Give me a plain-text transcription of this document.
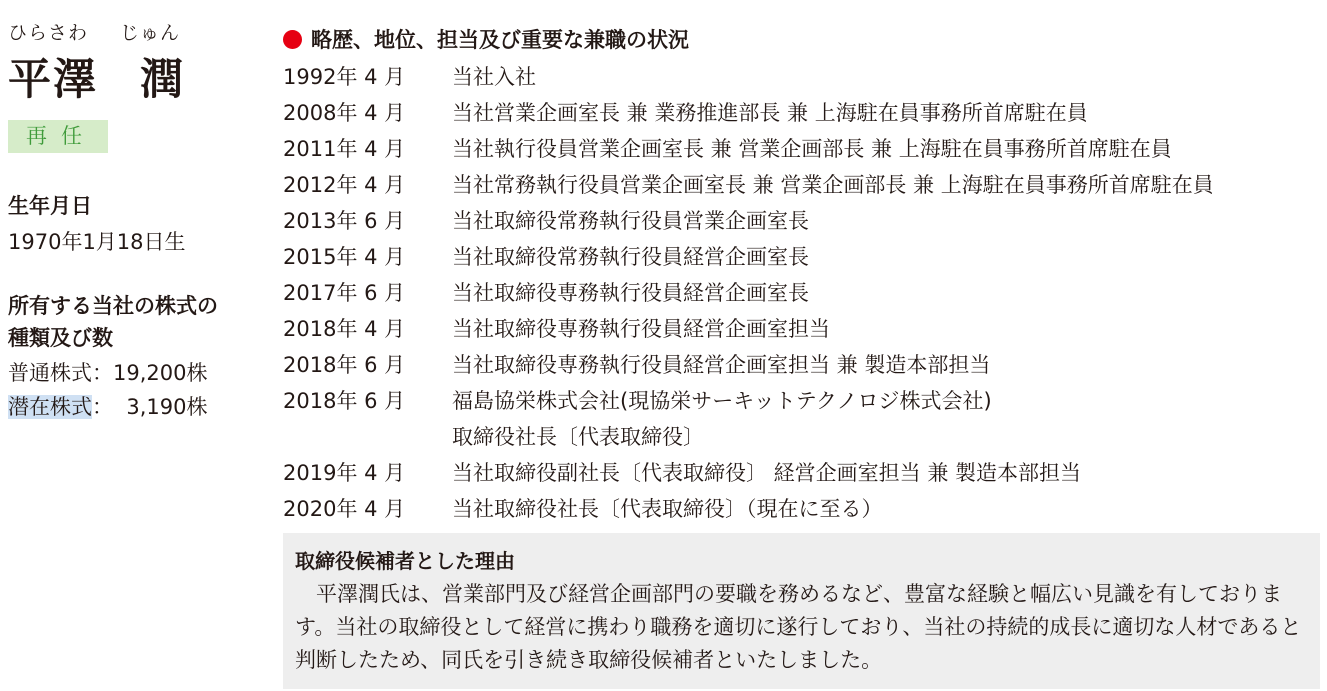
ひらさわ じゅん
平澤 潤
再任
生年月日
1970年1月18日生
所有する当社の株式の
種類及び数
普通株式：19,200株
潜在株式：  3,190株
略歴、地位、担当及び重要な兼職の状況
1992年 4 月	当社入社
2008年 4 月	当社営業企画室長 兼 業務推進部長 兼 上海駐在員事務所首席駐在員
2011年 4 月	当社執行役員営業企画室長 兼 営業企画部長 兼 上海駐在員事務所首席駐在員
2012年 4 月	当社常務執行役員営業企画室長 兼 営業企画部長 兼 上海駐在員事務所首席駐在員
2013年 6 月	当社取締役常務執行役員営業企画室長
2015年 4 月	当社取締役常務執行役員経営企画室長
2017年 6 月	当社取締役専務執行役員経営企画室長
2018年 4 月	当社取締役専務執行役員経営企画室担当
2018年 6 月	当社取締役専務執行役員経営企画室担当 兼 製造本部担当
2018年 6 月	福島協栄株式会社(現協栄サーキットテクノロジ株式会社)
取締役社長〔代表取締役〕
2019年 4 月	当社取締役副社長〔代表取締役〕 経営企画室担当 兼 製造本部担当
2020年 4 月	当社取締役社長〔代表取締役〕（現在に至る）
取締役候補者とした理由
平澤潤氏は、営業部門及び経営企画部門の要職を務めるなど、豊富な経験と幅広い見識を有しております。当社の取締役として経営に携わり職務を適切に遂行しており、当社の持続的成長に適切な人材であると判断したため、同氏を引き続き取締役候補者といたしました。
